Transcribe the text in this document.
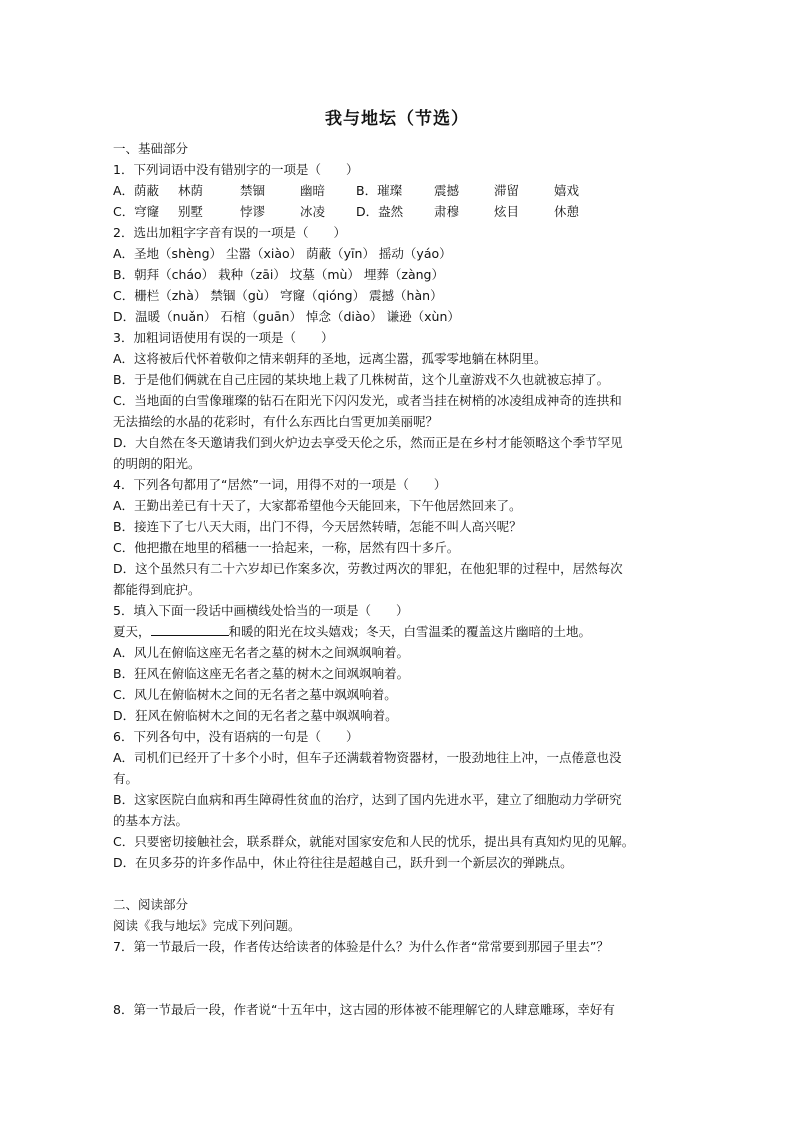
我与地坛（节选）
一、基础部分
1．下列词语中没有错别字的一项是（　　）
A．荫蔽	林荫	禁锢	幽暗	B．璀璨	震撼	滞留	嬉戏
C．穹窿	别墅	悖谬	冰凌	D．盎然	肃穆	炫目	休憩
2．选出加粗字字音有误的一项是（　　）
A．圣地（shèng） 尘嚣（xiào） 荫蔽（yīn） 摇动（yáo）
B．朝拜（cháo） 栽种（zāi） 坟墓（mù） 埋葬（zàng）
C．栅栏（zhà） 禁锢（gù） 穹窿（qióng） 震撼（hàn）
D．温暖（nuǎn） 石棺（guān） 悼念（diào） 谦逊（xùn）
3．加粗词语使用有误的一项是（　　）
A．这将被后代怀着敬仰之情来朝拜的圣地，远离尘嚣，孤零零地躺在林阴里。
B．于是他们俩就在自己庄园的某块地上栽了几株树苗，这个儿童游戏不久也就被忘掉了。
C．当地面的白雪像璀璨的钻石在阳光下闪闪发光，或者当挂在树梢的冰凌组成神奇的连拱和
无法描绘的水晶的花彩时，有什么东西比白雪更加美丽呢？
D．大自然在冬天邀请我们到火炉边去享受天伦之乐，然而正是在乡村才能领略这个季节罕见
的明朗的阳光。
4．下列各句都用了“居然”一词，用得不对的一项是（　　）
A．王勤出差已有十天了，大家都希望他今天能回来，下午他居然回来了。
B．接连下了七八天大雨，出门不得，今天居然转晴，怎能不叫人高兴呢？
C．他把撒在地里的稻穗一一拾起来，一称，居然有四十多斤。
D．这个虽然只有二十六岁却已作案多次，劳教过两次的罪犯，在他犯罪的过程中，居然每次
都能得到庇护。
5．填入下面一段话中画横线处恰当的一项是（　　）
夏天，	和暖的阳光在坟头嬉戏；冬天，白雪温柔的覆盖这片幽暗的土地。
A．风儿在俯临这座无名者之墓的树木之间飒飒响着。
B．狂风在俯临这座无名者之墓的树木之间飒飒响着。
C．风儿在俯临树木之间的无名者之墓中飒飒响着。
D．狂风在俯临树木之间的无名者之墓中飒飒响着。
6．下列各句中，没有语病的一句是（　　）
A．司机们已经开了十多个小时，但车子还满载着物资器材，一股劲地往上冲，一点倦意也没
有。
B．这家医院白血病和再生障碍性贫血的治疗，达到了国内先进水平，建立了细胞动力学研究
的基本方法。
C．只要密切接触社会，联系群众，就能对国家安危和人民的忧乐，提出具有真知灼见的见解。
D．在贝多芬的许多作品中，休止符往往是超越自己，跃升到一个新层次的弹跳点。
二、阅读部分
阅读《我与地坛》完成下列问题。
7．第一节最后一段，作者传达给读者的体验是什么？为什么作者“常常要到那园子里去”？
8．第一节最后一段，作者说“十五年中，这古园的形体被不能理解它的人肆意雕琢，幸好有
